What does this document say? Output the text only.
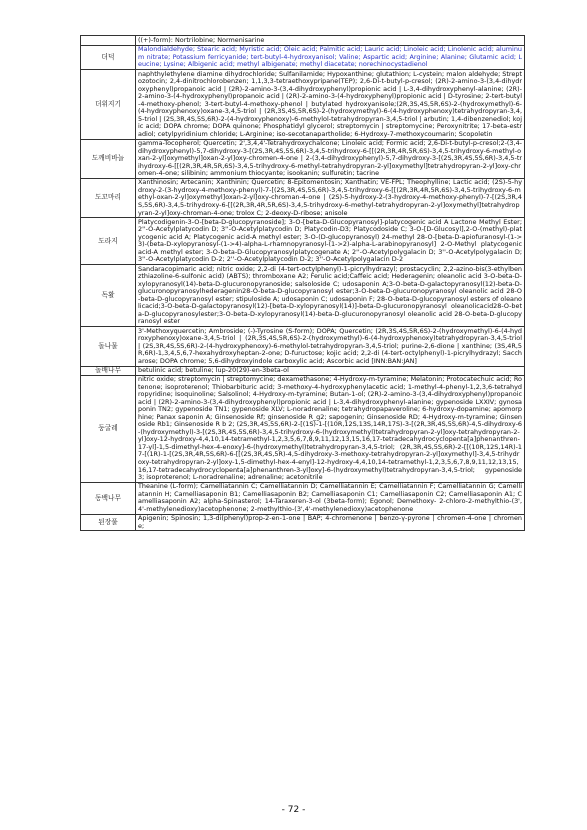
	((+)-form): Nortrilobine; Normenisarine
더덕	Malondialdehyde; Stearic acid; Myristic acid; Oleic acid; Palmitic acid; Lauric acid; Linoleic acid; Linolenic acid; aluminum nitrate; Potassium ferricyanide; tert-butyl-4-hydroxyanisol; Valine; Aspartic acid; Arginine; Alanine; Glutamic acid; Leucine; Lysine; Albigenic acid; methyl albigenate; methyl diacetate; norechinocystadienol
더위지기	naphthylethylene diamine dihydrochloride; Sulfanilamide; Hypoxanthine; glutathion; L-cystein; malon aldehyde; Streptozotocin; 2,4-dinitrochlorobenzen; 1,1,3,3-tetraethoxypripane(TEP); 2,6-Di-t-butyl-p-cresol; (2R)-2-amino-3-(3,4-dihydroxyphenyl)propanoic acid | (2R)-2-amino-3-(3,4-dihydroxyphenyl)propionic acid | L-3,4-dihydroxyphenyl-alanine; (2R)-2-amino-3-(4-hydroxyphenyl)propanoic acid | (2R)-2-amino-3-(4-hydroxyphenyl)propionic acid | D-tyrosine; 2-tert-butyl-4-methoxy-phenol; 3-tert-butyl-4-methoxy-phenol | butylated hydroxyanisole;(2R,3S,4S,5R,6S)-2-(hydroxymethyl)-6-(4-hydroxyphenoxy)oxane-3,4,5-triol | (2R,3S,4S,5R,6S)-2-(hydroxymethyl)-6-(4-hydroxyphenoxy)tetrahydropyran-3,4,5-triol | (2S,3R,4S,5S,6R)-2-(4-hydroxyphenoxy)-6-methylol-tetrahydropyran-3,4,5-triol | arbutin; 1,4-dibenzenediol; kojic acid; DOPA chrome; DOPA quinone; Phosphatidyl glycerol; streptomycin | streptomycine; Peroxynitrite; 17-beta-estradiol; cetylpyridinium chloride; L-Arginine; iso-secotanapartholide; 6-Hydroxy-7-methoxycoumarin; Scopoletin
도깨비바늘	gamma-Tocopherol; Quercetin; 2',3,4,4'-Tetrahydroxychalcone; Linoleic acid; Formic acid; 2,6-Di-t-butyl-p-cresol;2-(3,4-dihydroxyphenyl)-5,7-dihydroxy-3-[(2S,3R,4S,5S,6R)-3,4,5-trihydroxy-6-[[(2R,3R,4R,5R,6S)-3,4,5-trihydroxy-6-methyl-oxan-2-yl]oxymethyl]oxan-2-yl]oxy-chromen-4-one | 2-(3,4-dihydroxyphenyl)-5,7-dihydroxy-3-[(2S,3R,4S,5S,6R)-3,4,5-trihydroxy-6-[[(2R,3R,4R,5R,6S)-3,4,5-trihydroxy-6-methyl-tetrahydropyran-2-yl]oxymethyl]tetrahydropyran-2-yl]oxy-chromen-4-one; silibinin; ammonium thiocyante; isookanin; sulfuretin; tacrine
도꼬마리	Xanthinosin; Artecanin; Xanthinin; Quercetin; 8-Epitomentosin; Xanthatin; VE-FPL; Theophylline; Lactic acid; (2S)-5-hydroxy-2-(3-hydroxy-4-methoxy-phenyl)-7-[(2S,3R,4S,5S,6R)-3,4,5-trihydroxy-6-[[(2R,3R,4R,5R,6S)-3,4,5-trihydroxy-6-methyl-oxan-2-yl]oxymethyl]oxan-2-yl]oxy-chroman-4-one | (2S)-5-hydroxy-2-(3-hydroxy-4-methoxy-phenyl)-7-[(2S,3R,4S,5S,6R)-3,4,5-trihydroxy-6-[[(2R,3R,4R,5R,6S)-3,4,5-trihydroxy-6-methyl-tetrahydropyran-2-yl]oxymethyl]tetrahydropyran-2-yl]oxy-chroman-4-one; trolox C; 2-deoxy-D-ribose; anisole
도라지	Platycodigenin-3-O-[beta-D-glucopyranoside]; 3-O-[beta-D-Glucopyranosyl]-platycogenic acid A Lactone Methyl Ester; 2''-O-Acetylplatycodin D; 3''-O-Acetylplatycodin D; Platycodin-D3; Platycodoside C; 3-O-[D-Glucosyl],2-O-(methyl)-platycogenic acid A; Platycogenic acid-A methyl ester; 3-O-(D-glucopyranosyl) 24-methyl 28-O-[beta-D-apiofuranosyl-(1->3)-(beta-D-xylopyranosyl-(1->4)-alpha-L-rhamnopyranosyl-(1->2)-alpha-L-arabinopyranosyl] 2-O-Methyl platycogenic acid-A methyl ester; 3-O-beta-D-Glucopyranosylplatycogenate A; 2''-O-Acetylpolygalacin D; 3''-O-Acetylpolygalacin D; 3''-O-Acetylplatycodin D-2; 2''-O-Acetylplatycodin D-2; 3''-O-Acetylpolygalacin D-2
독활	Sandaracopimaric acid; nitric oxide; 2,2-di (4-tert-octylphenyl)-1-picrylhydrazyl; prostacyclin; 2,2-azino-bis(3-ethylbenzthiazoline-6-sulfonic acid) (ABTS); thromboxane A2; Ferulic acid;Caffeic acid; Hederagenin; oleanolic acid 3-O-beta-D-xylopyranosyl(14)-beta-D-glucuronopyranoside; salsoloside C; udosaponin A;3-O-beta-D-galactopyranosyl(12)-beta-D-glucuronopyranosylhederagenin28-O-beta-D-glucopyranosyl ester;3-O-beta-D-glucuronopyranosyl oleanolic acid 28-O-beta-D-glucopyranosyl ester; stipuloside A; udosaponin C; udosaponin F; 28-O-beta-D-glucopyranosyl esters of oleanolicacid;3-O-beta-D-galactopyranosyl(12)-[beta-D-xylopyranosyl(14)]-beta-D-glucuronopyranosyl oleanolicacid28-O-beta-D-glucopyranosylester;3-O-beta-D-xylopyranosyl(14)-beta-D-glucuronopyranosyl oleanolic acid 28-O-beta-D-glucopyranosyl ester
돌나물	3'-Methoxyquercetin; Ambroside; (-)-Tyrosine (S-form); DOPA; Quercetin; (2R,3S,4S,5R,6S)-2-(hydroxymethyl)-6-(4-hydroxyphenoxy)oxane-3,4,5-triol | (2R,3S,4S,5R,6S)-2-(hydroxymethyl)-6-(4-hydroxyphenoxy)tetrahydropyran-3,4,5-triol | (2S,3R,4S,5S,6R)-2-(4-hydroxyphenoxy)-6-methylol-tetrahydropyran-3,4,5-triol; purine-2,6-dione | xanthine; (3S,4R,5R,6R)-1,3,4,5,6,7-hexahydroxyheptan-2-one; D-fuructose; kojic acid; 2,2-di (4-tert-octylphenyl)-1-picrylhydrazyl; Saccharose; DOPA chrome; 5,6-dihydroxyindole carboxylic acid; Ascorbic acid [INN:BAN:JAN]
돌배나무	betulinic acid; betuline; lup-20(29)-en-3beta-ol
둥굴레	nitric oxide; streptomycin | streptomycine; dexamethasone; 4-Hydroxy-m-tyramine; Melatonin; Protocatechuic acid; Rotenone; isoproterenol; Thiobarbituric acid; 3-methoxy-4-hydroxyphenylacetic acid; 1-methyl-4-phenyl-1,2,3,6-tetrahydropyridine; Isoquinoline; Salsolinol; 4-Hydroxy-m-tyramine; Butan-1-ol; (2R)-2-amino-3-(3,4-dihydroxyphenyl)propanoic acid | (2R)-2-amino-3-(3,4-dihydroxyphenyl)propionic acid | L-3,4-dihydroxyphenyl-alanine; gypenoside LXXIV; gynosaponin TN2; gypenoside TN1; gypenoside XLV; L-noradrenaline; tetrahydropapaveroline; 6-hydroxy-dopamine; apomorphine; Panax saponin A; Ginsenoside Rf; ginsenoside R_g2; sapogenin; Ginsenoside RD; 4-Hydroxy-m-tyramine; Ginsenoside Rb1; Ginsenoside R b 2; (2S,3R,4S,5S,6R)-2-[(1S)-1-[(10R,12S,13S,14R,17S)-3-[(2R,3R,4S,5S,6R)-4,5-dihydroxy-6-(hydroxymethyl)-3-[(2S,3R,4S,5S,6R)-3,4,5-trihydroxy-6-(hydroxymethyl)tetrahydropyran-2-yl]oxy-tetrahydropyran-2-yl]oxy-12-hydroxy-4,4,10,14-tetramethyl-1,2,3,5,6,7,8,9,11,12,13,15,16,17-tetradecahydrocyclopenta[a]phenanthren-17-yl]-1,5-dimethyl-hex-4-enoxy]-6-(hydroxymethyl)tetrahydropyran-3,4,5-triol; (2R,3R,4S,5S,6R)-2-[[(10R,12S,14R)-17-[(1R)-1-[(2S,3R,4R,5S,6R)-6-[[(2S,3R,4S,5R)-4,5-dihydroxy-3-methoxy-tetrahydropyran-2-yl]oxymethyl]-3,4,5-trihydroxy-tetrahydropyran-2-yl]oxy-1,5-dimethyl-hex-4-enyl]-12-hydroxy-4,4,10,14-tetramethyl-1,2,3,5,6,7,8,9,11,12,13,15,16,17-tetradecahydrocyclopenta[a]phenanthren-3-yl]oxy]-6-(hydroxymethyl)tetrahydropyran-3,4,5-triol; gypenoside 3; isoproterenol; L-noradrenaline; adrenaline; acetonitrile
동백나무	Theanine (L-form); Camelliatannin C; Camelliatannin D; Camelliatannin E; Camelliatannin F; Camelliatannin G; Camelliatannin H; Camelliasaponin B1; Camelliasaponin B2; Camelliasaponin C1; Camelliasaponin C2; Camelliasaponin A1; Camelliasaponin A2; alpha-Spinasterol; 14-Taraxeren-3-ol (3beta-form); Egonol; Demethoxy- 2-chloro-2-methylthio-(3',4'-methylenedioxy)acetophenone; 2-methylthio-(3',4'-methylenedioxy)acetophenone
된장풀	Apigenin; Spinosin; 1,3-di(phenyl)prop-2-en-1-one | BAP; 4-chromenone | benzo-γ-pyrone | chromen-4-one | chromene;
- 72 -
